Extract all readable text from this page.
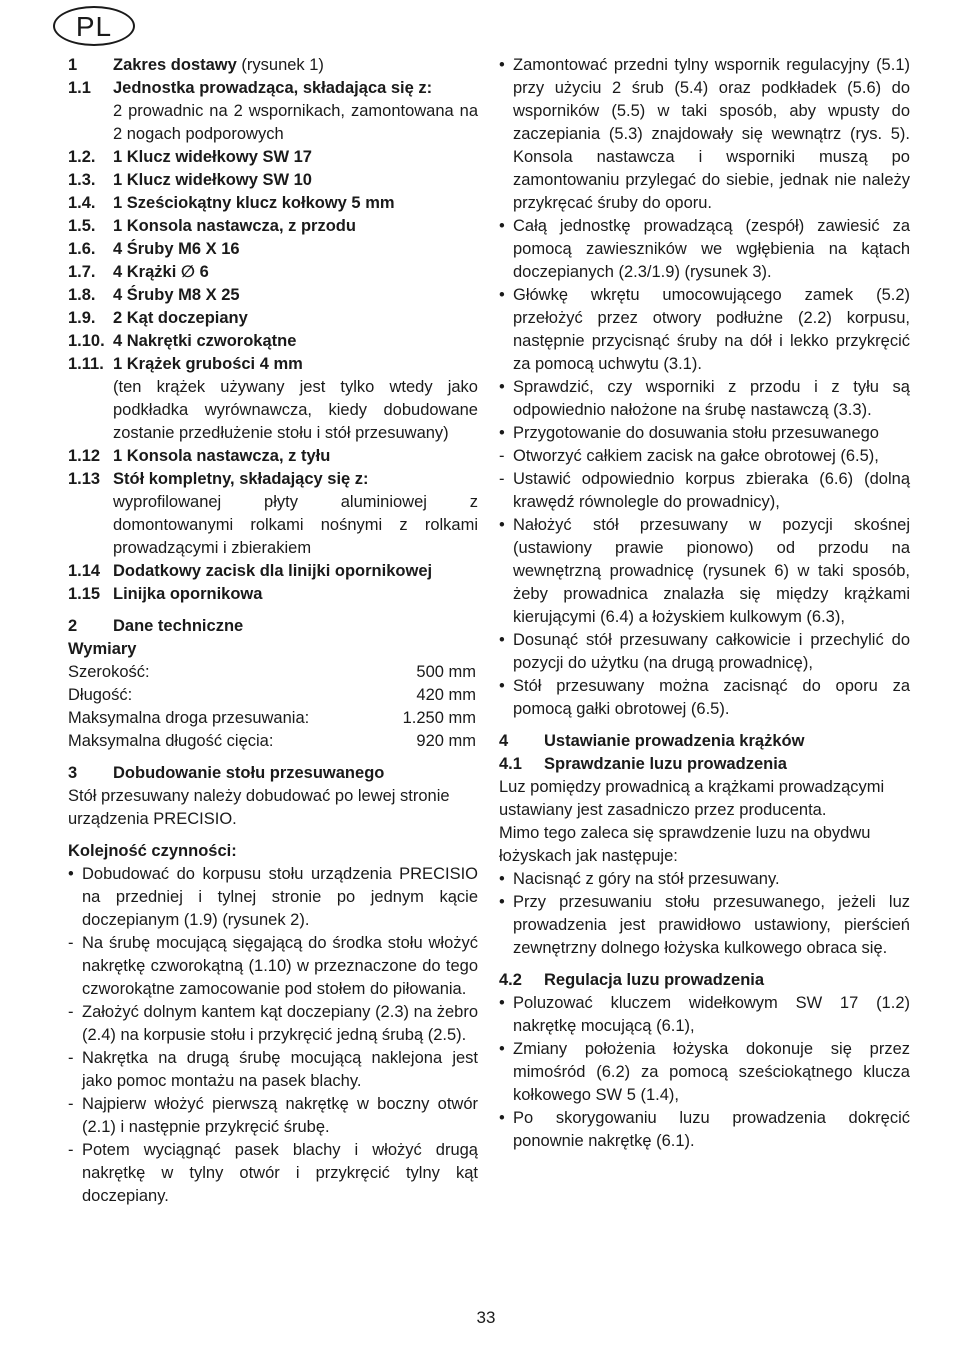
PL
1	Zakres dostawy (rysunek 1)
1.1	Jednostka prowadząca, składająca się z:
2 prowadnic na 2 wspornikach, zamontowana na 2 nogach podporowych
1.2.	1 Klucz widełkowy SW 17
1.3.	1 Klucz widełkowy SW 10
1.4.	1 Sześciokątny klucz kołkowy 5 mm
1.5.	1 Konsola nastawcza, z przodu
1.6.	4 Śruby M6 X 16
1.7.	4 Krążki ∅ 6
1.8.	4 Śruby M8 X 25
1.9.	2 Kąt doczepiany
1.10. 4 Nakrętki czworokątne
1.11. 1 Krążek grubości 4 mm
(ten krążek używany jest tylko wtedy jako podkładka wyrównawcza, kiedy dobudowane zostanie przedłużenie stołu i stół przesuwany)
1.12 1 Konsola nastawcza, z tyłu
1.13 Stół kompletny, składający się z:
wyprofilowanej płyty aluminiowej z domontowanymi rolkami nośnymi z rolkami prowadzącymi i zbierakiem
1.14 Dodatkowy zacisk dla linijki opornikowej
1.15 Linijka opornikowa
2	Dane techniczne
Wymiary
Szerokość:	500 mm
Długość:	420 mm
Maksymalna droga przesuwania:	1.250 mm
Maksymalna długość cięcia:	920 mm
3	Dobudowanie stołu przesuwanego

Stół przesuwany należy dobudować po lewej stronie urządzenia PRECISIO.

Kolejność czynności:
• Dobudować do korpusu stołu urządzenia PRECISIO na przedniej i tylnej stronie po jednym kącie doczepianym (1.9) (rysunek 2).
- Na śrubę mocującą sięgającą do środka stołu włożyć nakrętkę czworokątną (1.10) w przeznaczone do tego czworokątne zamocowanie pod stołem do piłowania.
- Założyć dolnym kantem kąt doczepiany (2.3) na żebro (2.4) na korpusie stołu i przykręcić jedną śrubą (2.5).
- Nakrętka na drugą śrubę mocującą naklejona jest jako pomoc montażu na pasek blachy.
- Najpierw włożyć pierwszą nakrętkę w boczny otwór (2.1) i następnie przykręcić śrubę.
- Potem wyciągnąć pasek blachy i włożyć drugą nakrętkę w tylny otwór i przykręcić tylny kąt doczepiany.
• Zamontować przedni tylny wspornik regulacyjny (5.1) przy użyciu 2 śrub (5.4) oraz podkładek (5.6) do wsporników (5.5) w taki sposób, aby wpusty do zaczepiania (5.3) znajdowały się wewnątrz (rys. 5). Konsola nastawcza i wsporniki muszą po zamontowaniu przylegać do siebie, jednak nie należy przykręcać śruby do oporu.
• Całą jednostkę prowadzącą (zespół) zawiesić za pomocą zawieszników we wgłębienia na kątach doczepianych (2.3/1.9) (rysunek 3).
• Główkę wkrętu umocowującego zamek (5.2) przełożyć przez otwory podłużne (2.2) korpusu, następnie przycisnąć śruby na dół i lekko przykręcić za pomocą uchwytu (3.1).
• Sprawdzić, czy wsporniki z przodu i z tyłu są odpowiednio nałożone na śrubę nastawczą (3.3).
• Przygotowanie do dosuwania stołu przesuwanego
- Otworzyć całkiem zacisk na gałce obrotowej (6.5),
- Ustawić odpowiednio korpus zbieraka (6.6) (dolną krawędź równolegle do prowadnicy),
• Nałożyć stół przesuwany w pozycji skośnej (ustawiony prawie pionowo) od przodu na wewnętrzną prowadnicę (rysunek 6) w taki sposób, żeby prowadnica znalazła się między krążkami kierującymi (6.4) a łożyskiem kulkowym (6.3),
• Dosunąć stół przesuwany całkowicie i przechylić do pozycji do użytku (na drugą prowadnicę),
• Stół przesuwany można zacisnąć do oporu za pomocą gałki obrotowej (6.5).
4	Ustawianie prowadzenia krążków
4.1	Sprawdzanie luzu prowadzenia

Luz pomiędzy prowadnicą a krążkami prowadzącymi ustawiany jest zasadniczo przez producenta.

Mimo tego zaleca się sprawdzenie luzu na obydwu łożyskach jak następuje:

• Nacisnąć z góry na stół przesuwany.
• Przy przesuwaniu stołu przesuwanego, jeżeli luz prowadzenia jest prawidłowo ustawiony, pierścień zewnętrzny dolnego łożyska kulkowego obraca się.
4.2	Regulacja luzu prowadzenia
• Poluzować kluczem widełkowym SW 17 (1.2) nakrętkę mocującą (6.1),
• Zmiany położenia łożyska dokonuje się przez mimośród (6.2) za pomocą sześciokątnego klucza kołkowego SW 5 (1.4),
• Po skorygowaniu luzu prowadzenia dokręcić ponownie nakrętkę (6.1).
33
